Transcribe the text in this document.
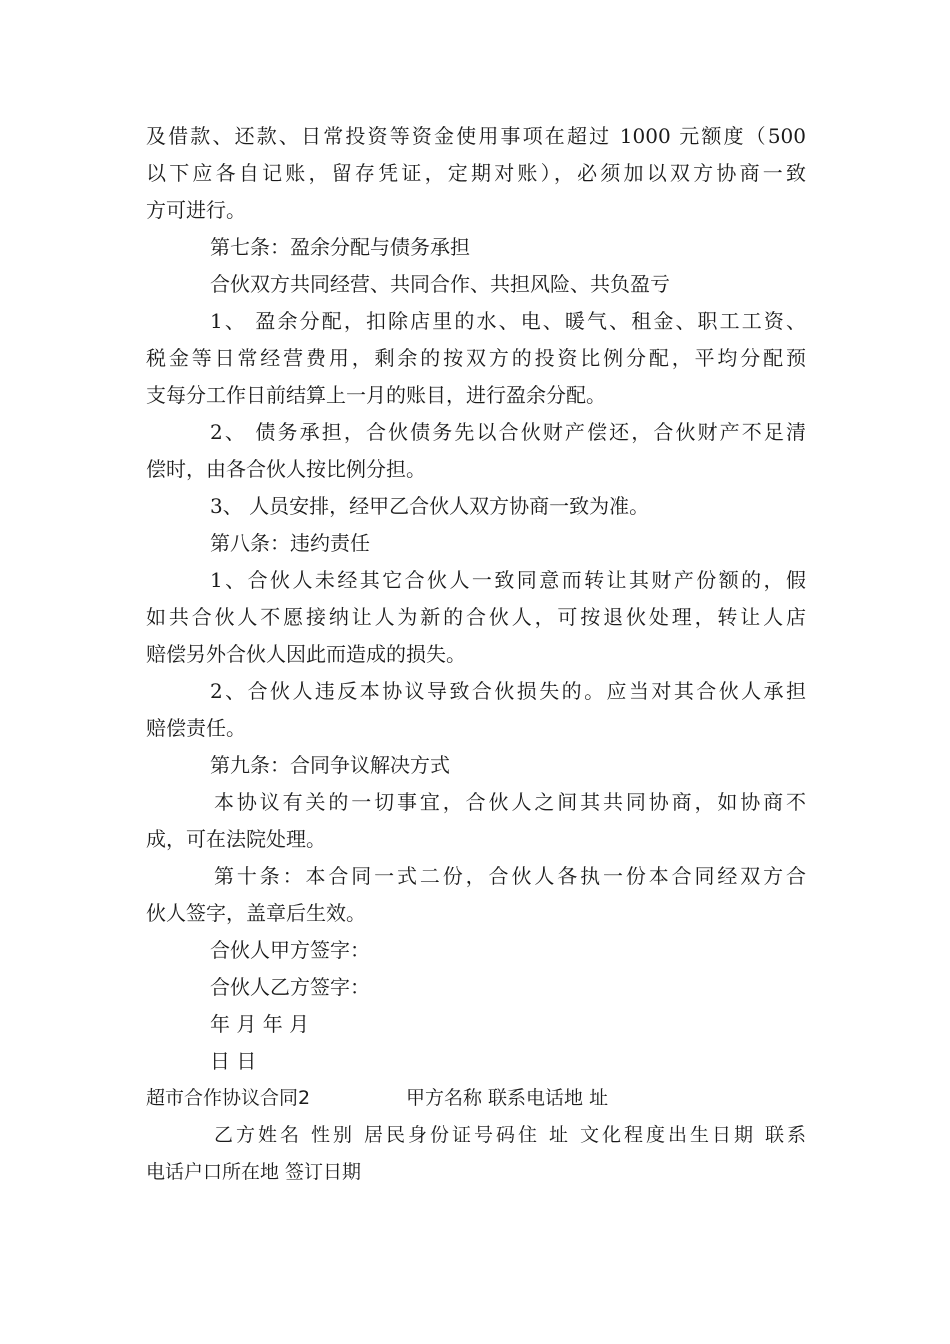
及借款、还款、日常投资等资金使用事项在超过 1000 元额度（500
以下应各自记账，留存凭证，定期对账），必须加以双方协商一致
方可进行。
第七条：盈余分配与债务承担
合伙双方共同经营、共同合作、共担风险、共负盈亏
1、 盈余分配，扣除店里的水、电、暖气、租金、职工工资、
税金等日常经营费用，剩余的按双方的投资比例分配，平均分配预
支每分工作日前结算上一月的账目，进行盈余分配。
2、 债务承担，合伙债务先以合伙财产偿还，合伙财产不足清
偿时，由各合伙人按比例分担。
3、 人员安排，经甲乙合伙人双方协商一致为准。
第八条：违约责任
1、合伙人未经其它合伙人一致同意而转让其财产份额的，假
如共合伙人不愿接纳让人为新的合伙人，可按退伙处理，转让人店
赔偿另外合伙人因此而造成的损失。
2、合伙人违反本协议导致合伙损失的。应当对其合伙人承担
赔偿责任。
第九条：合同争议解决方式
本协议有关的一切事宜，合伙人之间其共同协商，如协商不
成，可在法院处理。
第十条：本合同一式二份，合伙人各执一份本合同经双方合
伙人签字，盖章后生效。
合伙人甲方签字：
合伙人乙方签字：
年 月 年 月
日 日
超市合作协议合同2	甲方名称 联系电话地 址
乙方姓名 性别 居民身份证号码住 址 文化程度出生日期 联系
电话户口所在地 签订日期
